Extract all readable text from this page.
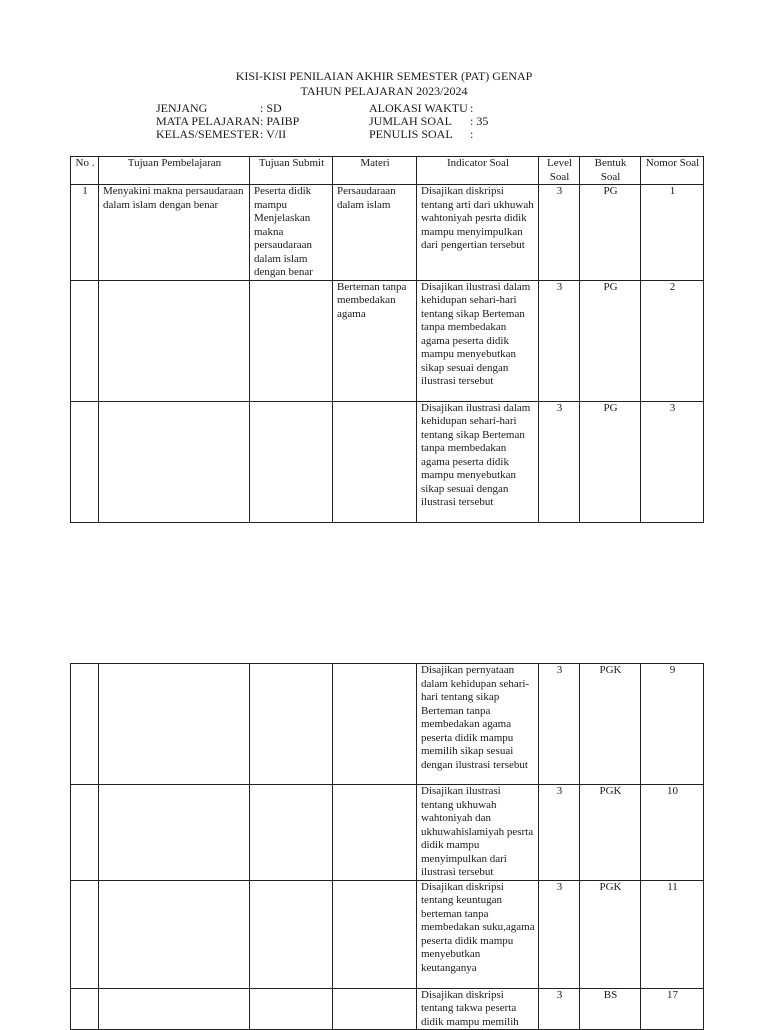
KISI-KISI PENILAIAN AKHIR SEMESTER (PAT) GENAP
TAHUN PELAJARAN 2023/2024
JENJANG	: SD
MATA PELAJARAN : PAIBP
KELAS/SEMESTER : V/II
ALOKASI WAKTU :
JUMLAH SOAL : 35
PENULIS SOAL :
No .	Tujuan Pembelajaran	Tujuan Submit	Materi	Indicator Soal	Level Soal	Bentuk Soal	Nomor Soal
1	Menyakini makna persaudaraan dalam islam dengan benar	Peserta didik mampu Menjelaskan makna persaudaraan dalam islam dengan benar	Persaudaraan dalam islam	Disajikan diskripsi tentang arti dari ukhuwah wahtoniyah pesrta didik mampu menyimpulkan dari pengertian tersebut	3	PG	1
			Berteman tanpa membedakan agama	Disajikan ilustrasi dalam kehidupan sehari-hari tentang sikap Berteman tanpa membedakan agama peserta didik mampu menyebutkan sikap sesuai dengan ilustrasi tersebut	3	PG	2
				Disajikan ilustrasi dalam kehidupan sehari-hari tentang sikap Berteman tanpa membedakan agama peserta didik mampu menyebutkan sikap sesuai dengan ilustrasi tersebut	3	PG	3
				Disajikan pernyataan dalam kehidupan sehari-hari tentang sikap Berteman tanpa membedakan agama peserta didik mampu memilih sikap sesuai dengan ilustrasi tersebut	3	PGK	9
				Disajikan ilustrasi tentang ukhuwah wahtoniyah dan ukhuwahislamiyah pesrta didik mampu menyimpulkan dari ilustrasi tersebut	3	PGK	10
				Disajikan diskripsi tentang keuntugan berteman tanpa membedakan suku,agama peserta didik mampu menyebutkan keutanganya	3	PGK	11
				Disajikan diskripsi tentang takwa peserta didik mampu memilih	3	BS	17
